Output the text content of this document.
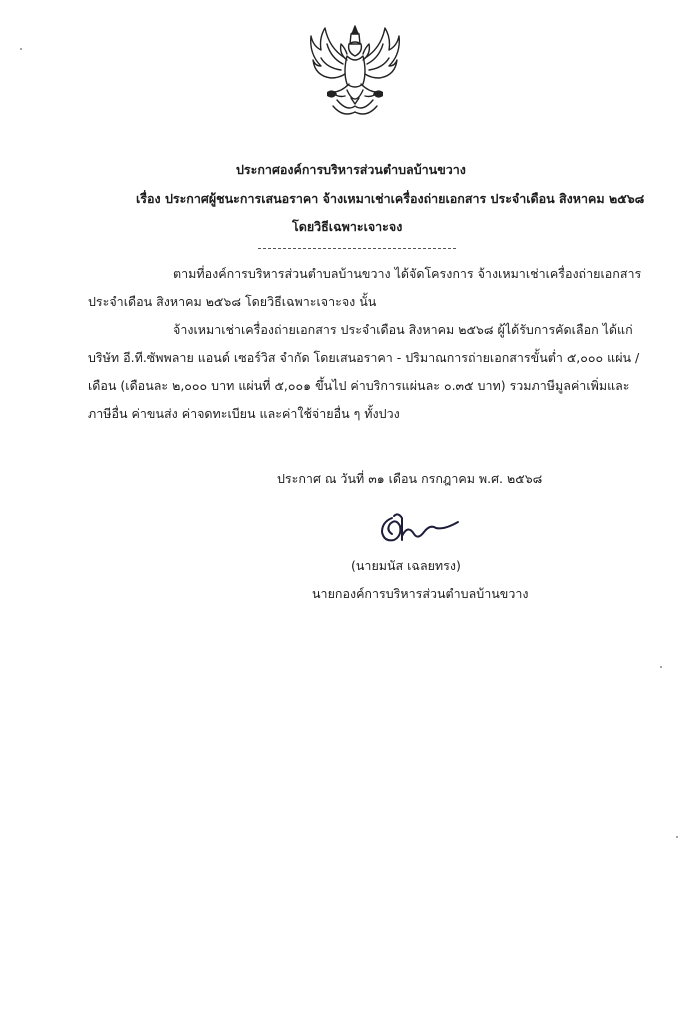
ประกาศองค์การบริหารส่วนตำบลบ้านขวาง
เรื่อง ประกาศผู้ชนะการเสนอราคา จ้างเหมาเช่าเครื่องถ่ายเอกสาร ประจำเดือน สิงหาคม ๒๕๖๘
โดยวิธีเฉพาะเจาะจง
ตามที่องค์การบริหารส่วนตำบลบ้านขวาง ได้จัดโครงการ จ้างเหมาเช่าเครื่องถ่ายเอกสาร
ประจำเดือน สิงหาคม ๒๕๖๘ โดยวิธีเฉพาะเจาะจง นั้น
จ้างเหมาเช่าเครื่องถ่ายเอกสาร ประจำเดือน สิงหาคม ๒๕๖๘ ผู้ได้รับการคัดเลือก ได้แก่
บริษัท อี.ที.ซัพพลาย แอนด์ เซอร์วิส จำกัด โดยเสนอราคา - ปริมาณการถ่ายเอกสารขั้นต่ำ ๕,๐๐๐ แผ่น /
เดือน (เดือนละ ๒,๐๐๐ บาท แผ่นที่ ๕,๐๐๑ ขึ้นไป ค่าบริการแผ่นละ ๐.๓๕ บาท) รวมภาษีมูลค่าเพิ่มและ
ภาษีอื่น ค่าขนส่ง ค่าจดทะเบียน และค่าใช้จ่ายอื่น ๆ ทั้งปวง
ประกาศ ณ วันที่ ๓๑ เดือน กรกฎาคม พ.ศ. ๒๕๖๘
(นายมนัส เฉลยทรง)
นายกองค์การบริหารส่วนตำบลบ้านขวาง
